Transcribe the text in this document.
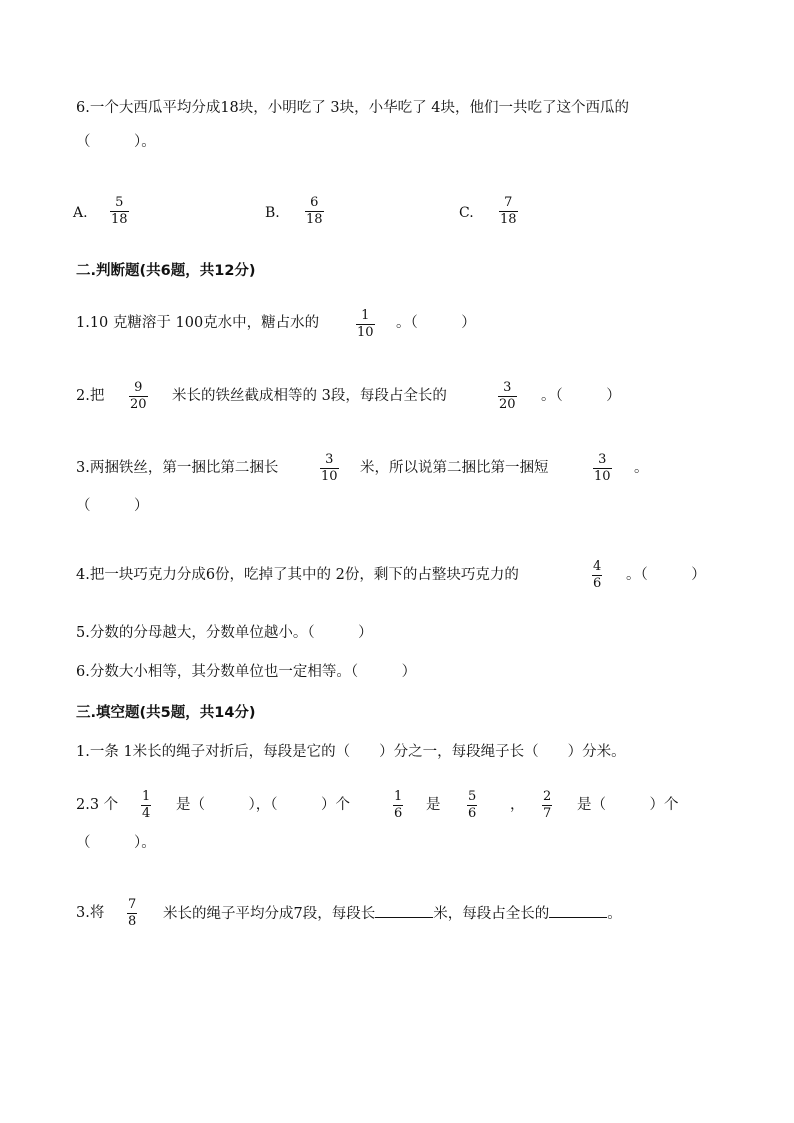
6.一个大西瓜平均分成18块，小明吃了 3块，小华吃了 4块，他们一共吃了这个西瓜的
（　　　）。
A.
5
18	B.
6
18	C.
7
18
二.判断题(共6题，共12分)
1.10 克糖溶于 100克水中，糖占水的	1
10
。（　　　）
2.把
9
20
米长的铁丝截成相等的 3段，每段占全长的
3
20
。（　　　）
3.两捆铁丝，第一捆比第二捆长
3
10
米，所以说第二捆比第一捆短
3
10
。
（　　　）
4.把一块巧克力分成6份，吃掉了其中的 2份，剩下的占整块巧克力的
4
6
。（　　　）
5.分数的分母越大，分数单位越小。（　　　）
6.分数大小相等，其分数单位也一定相等。（　　　）
三.填空题(共5题，共14分)
1.一条 1米长的绳子对折后，每段是它的（　　）分之一，每段绳子长（　　）分米。
2.3 个
1
4
是（　　　），（　　　）个
1
6
是
5
6
，
2
7
是（　　　）个
（　　　）。
3.将
7
8 米长的绳子平均分成7段，每段长	米，每段占全长的	。
